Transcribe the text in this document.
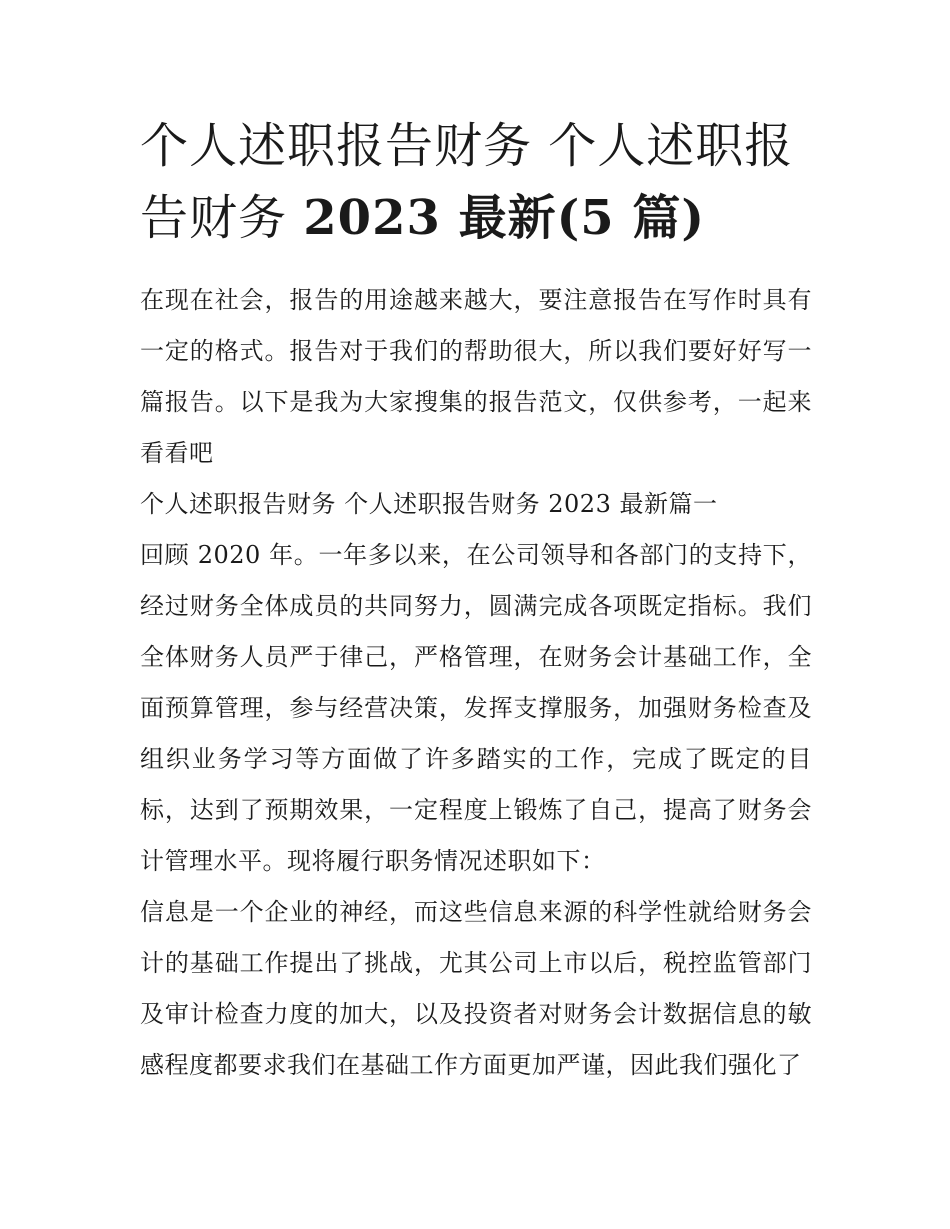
个人述职报告财务 个人述职报
告财务 2023 最新(5 篇)

在现在社会，报告的用途越来越大，要注意报告在写作时具有一定的格式。报告对于我们的帮助很大，所以我们要好好写一篇报告。以下是我为大家搜集的报告范文，仅供参考，一起来看看吧

个人述职报告财务 个人述职报告财务 2023 最新篇一

回顾 2020 年。一年多以来，在公司领导和各部门的支持下，经过财务全体成员的共同努力，圆满完成各项既定指标。我们全体财务人员严于律己，严格管理，在财务会计基础工作，全面预算管理，参与经营决策，发挥支撑服务，加强财务检查及组织业务学习等方面做了许多踏实的工作，完成了既定的目标，达到了预期效果，一定程度上锻炼了自己，提高了财务会计管理水平。现将履行职务情况述职如下：

信息是一个企业的神经，而这些信息来源的科学性就给财务会计的基础工作提出了挑战，尤其公司上市以后，税控监管部门及审计检查力度的加大，以及投资者对财务会计数据信息的敏感程度都要求我们在基础工作方面更加严谨，因此我们强化了
